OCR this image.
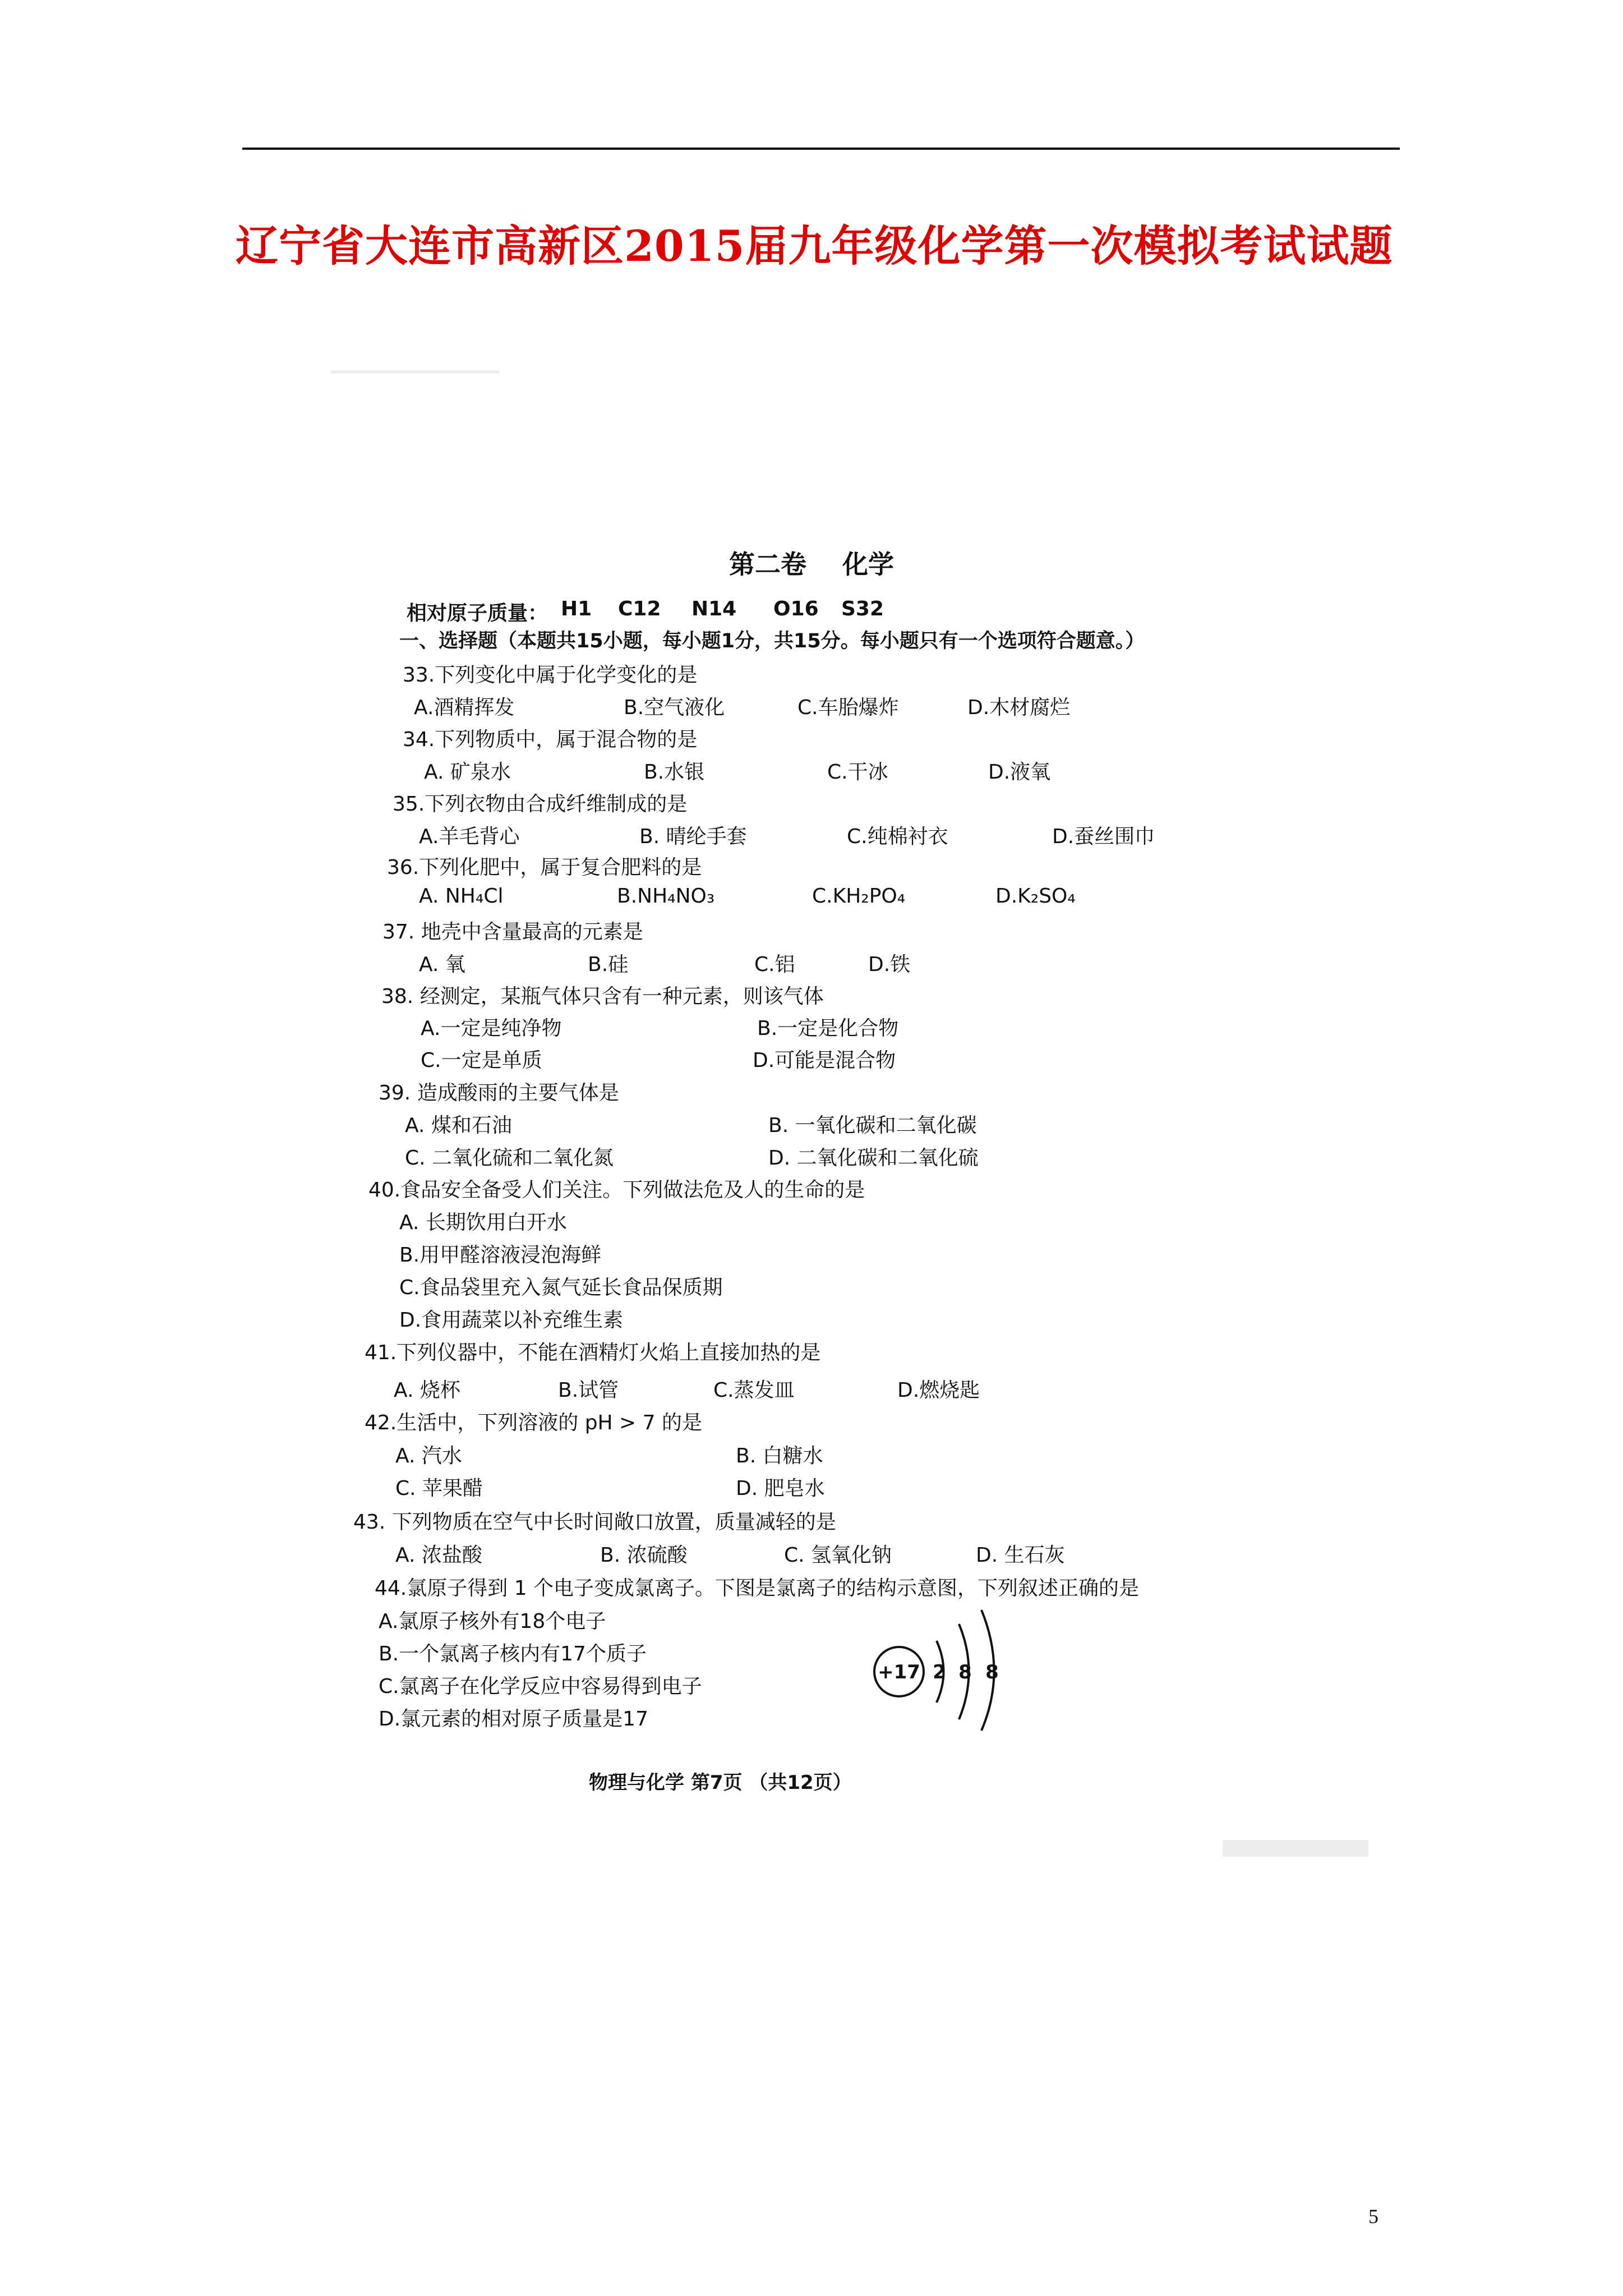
辽宁省大连市高新区2015届九年级化学第一次模拟考试试题
第二卷    化学
相对原子质量： H1 C12 N14 O16 S32
一、选择题（本题共15小题，每小题1分，共15分。每小题只有一个选项符合题意。）
33.下列变化中属于化学变化的是
A.酒精挥发	B.空气液化	C.车胎爆炸	D.木材腐烂
34.下列物质中，属于混合物的是
A. 矿泉水	B.水银	C.干冰	D.液氧
35.下列衣物由合成纤维制成的是
A.羊毛背心	B. 晴纶手套	C.纯棉衬衣	D.蚕丝围巾
36.下列化肥中，属于复合肥料的是
A. NH₄Cl	B.NH₄NO₃	C.KH₂PO₄	D.K₂SO₄
37. 地壳中含量最高的元素是
A. 氧	B.硅	C.铝	D.铁
38. 经测定，某瓶气体只含有一种元素，则该气体
A.一定是纯净物	B.一定是化合物
C.一定是单质	D.可能是混合物
39. 造成酸雨的主要气体是
A. 煤和石油	B. 一氧化碳和二氧化碳
C. 二氧化硫和二氧化氮	D. 二氧化碳和二氧化硫
40.食品安全备受人们关注。下列做法危及人的生命的是
A. 长期饮用白开水
B.用甲醛溶液浸泡海鲜
C.食品袋里充入氮气延长食品保质期
D.食用蔬菜以补充维生素
41.下列仪器中，不能在酒精灯火焰上直接加热的是
A. 烧杯	B.试管	C.蒸发皿	D.燃烧匙
42.生活中，下列溶液的 pH > 7 的是
A. 汽水	B. 白糖水
C. 苹果醋	D. 肥皂水
43. 下列物质在空气中长时间敞口放置，质量减轻的是
A. 浓盐酸	B. 浓硫酸	C. 氢氧化钠	D. 生石灰
44.氯原子得到 1 个电子变成氯离子。下图是氯离子的结构示意图，下列叙述正确的是
A.氯原子核外有18个电子
B.一个氯离子核内有17个质子
C.氯离子在化学反应中容易得到电子
D.氯元素的相对原子质量是17
+17 2 8 8
物理与化学 第7页 （共12页）
5
